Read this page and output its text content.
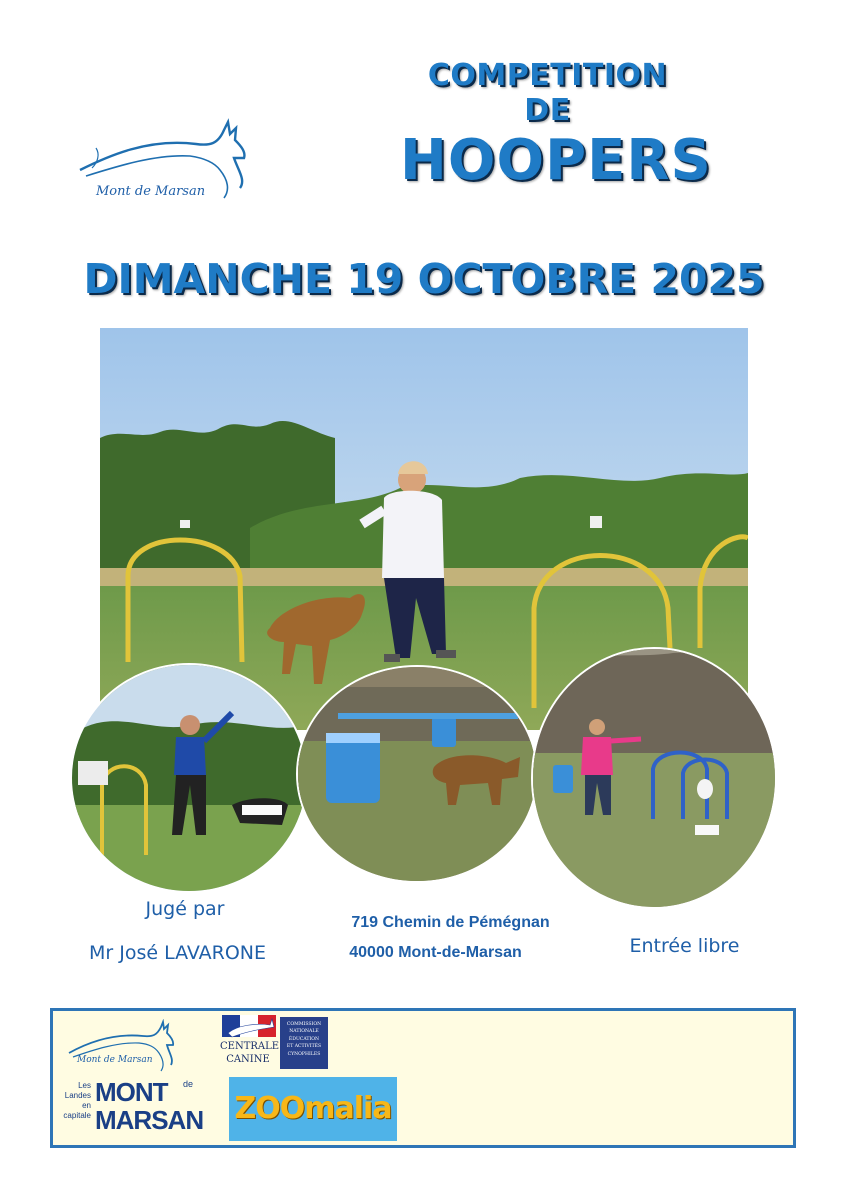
Mont de Marsan
COMPETITION DE
HOOPERS
DIMANCHE 19 OCTOBRE 2025
Jugé par
Mr José LAVARONE
719 Chemin de Pémégnan
40000 Mont-de-Marsan	Entrée libre
Mont de Marsan
CENTRALE
CANINE
COMMISSION
NATIONALE
ÉDUCATION
ET ACTIVITÉS
CYNOPHILES
Les
Landes
en
capitale
MONT de
MARSAN ZOOmalia
